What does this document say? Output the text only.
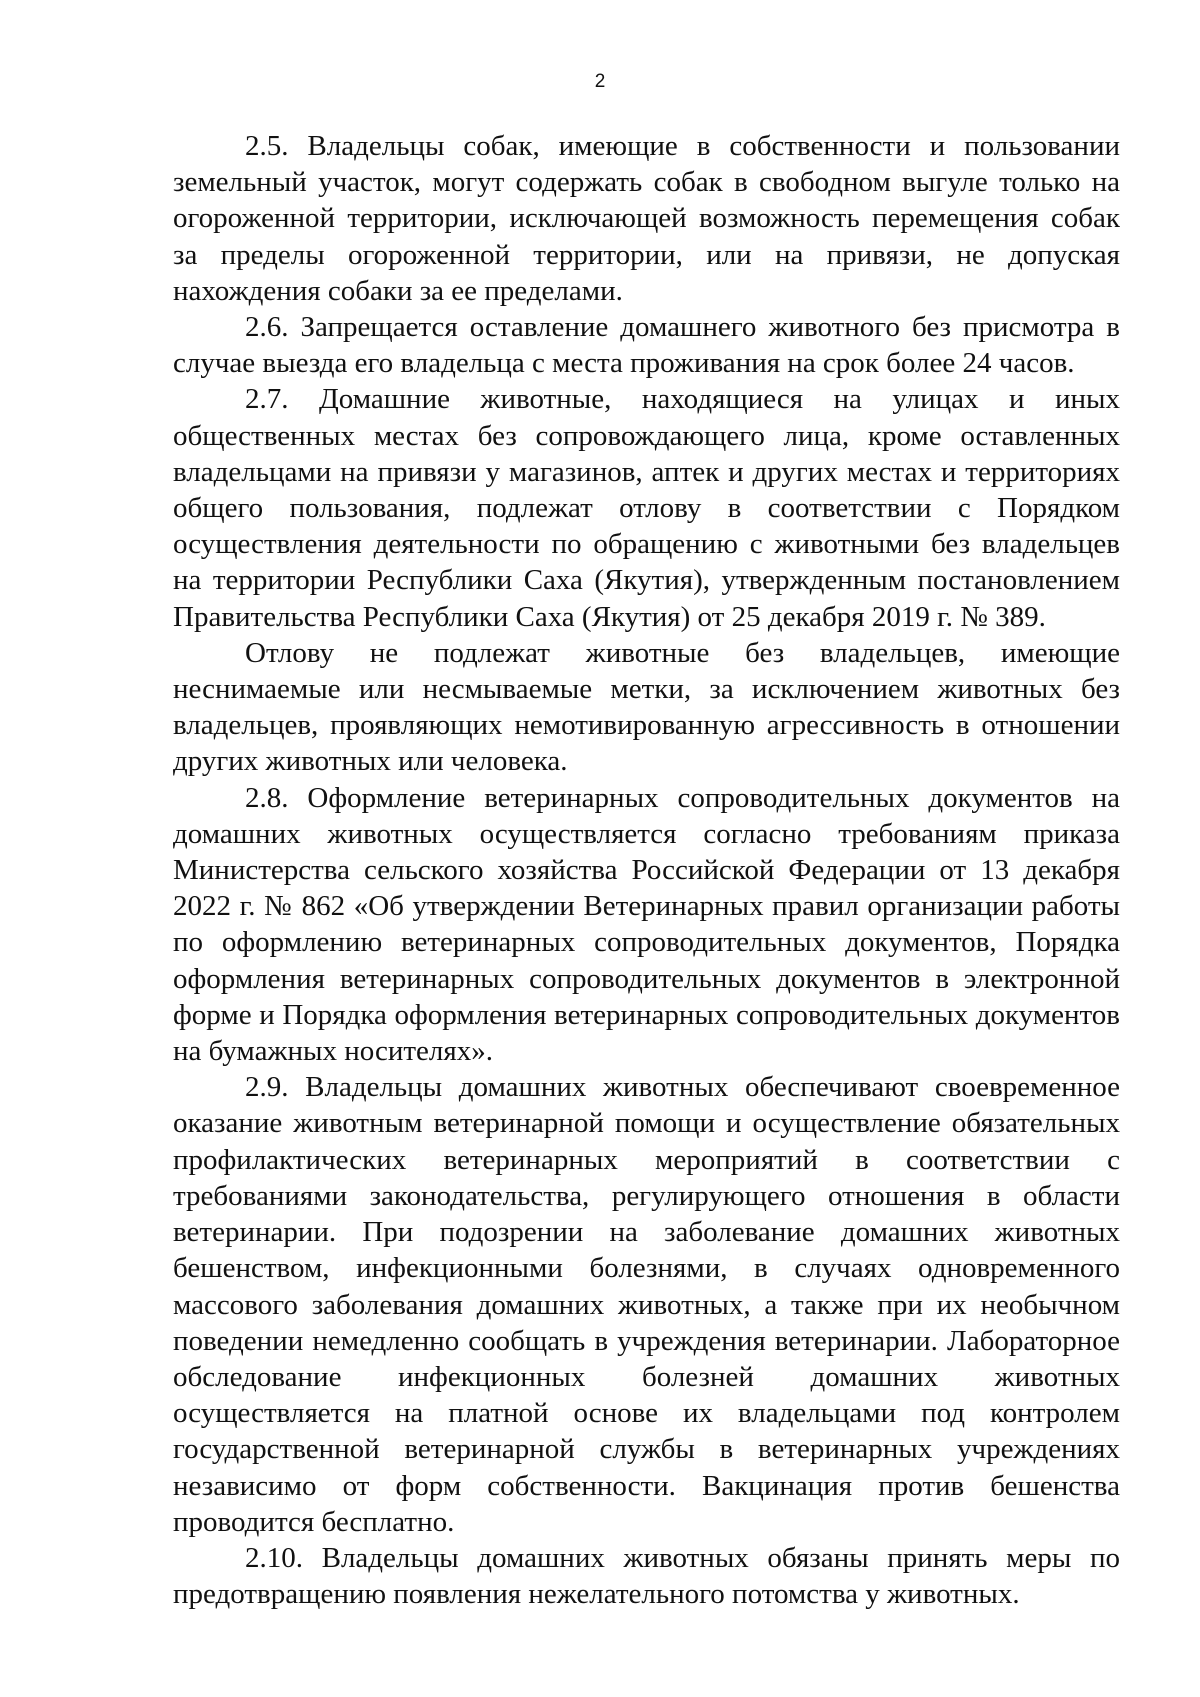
2

2.5. Владельцы собак, имеющие в собственности и пользовании земельный участок, могут содержать собак в свободном выгуле только на огороженной территории, исключающей возможность перемещения собак за пределы огороженной территории, или на привязи, не допуская нахождения собаки за ее пределами.

2.6. Запрещается оставление домашнего животного без присмотра в случае выезда его владельца с места проживания на срок более 24 часов.

2.7. Домашние животные, находящиеся на улицах и иных общественных местах без сопровождающего лица, кроме оставленных владельцами на привязи у магазинов, аптек и других местах и территориях общего пользования, подлежат отлову в соответствии с Порядком осуществления деятельности по обращению с животными без владельцев на территории Республики Саха (Якутия), утвержденным постановлением Правительства Республики Саха (Якутия) от 25 декабря 2019 г. № 389.

Отлову не подлежат животные без владельцев, имеющие неснимаемые или несмываемые метки, за исключением животных без владельцев, проявляющих немотивированную агрессивность в отношении других животных или человека.

2.8. Оформление ветеринарных сопроводительных документов на домашних животных осуществляется согласно требованиям приказа Министерства сельского хозяйства Российской Федерации от 13 декабря 2022 г. № 862 «Об утверждении Ветеринарных правил организации работы по оформлению ветеринарных сопроводительных документов, Порядка оформления ветеринарных сопроводительных документов в электронной форме и Порядка оформления ветеринарных сопроводительных документов на бумажных носителях».

2.9. Владельцы домашних животных обеспечивают своевременное оказание животным ветеринарной помощи и осуществление обязательных профилактических ветеринарных мероприятий в соответствии с требованиями законодательства, регулирующего отношения в области ветеринарии. При подозрении на заболевание домашних животных бешенством, инфекционными болезнями, в случаях одновременного массового заболевания домашних животных, а также при их необычном поведении немедленно сообщать в учреждения ветеринарии. Лабораторное обследование инфекционных болезней домашних животных осуществляется на платной основе их владельцами под контролем государственной ветеринарной службы в ветеринарных учреждениях независимо от форм собственности. Вакцинация против бешенства проводится бесплатно.

2.10. Владельцы домашних животных обязаны принять меры по предотвращению появления нежелательного потомства у животных.
